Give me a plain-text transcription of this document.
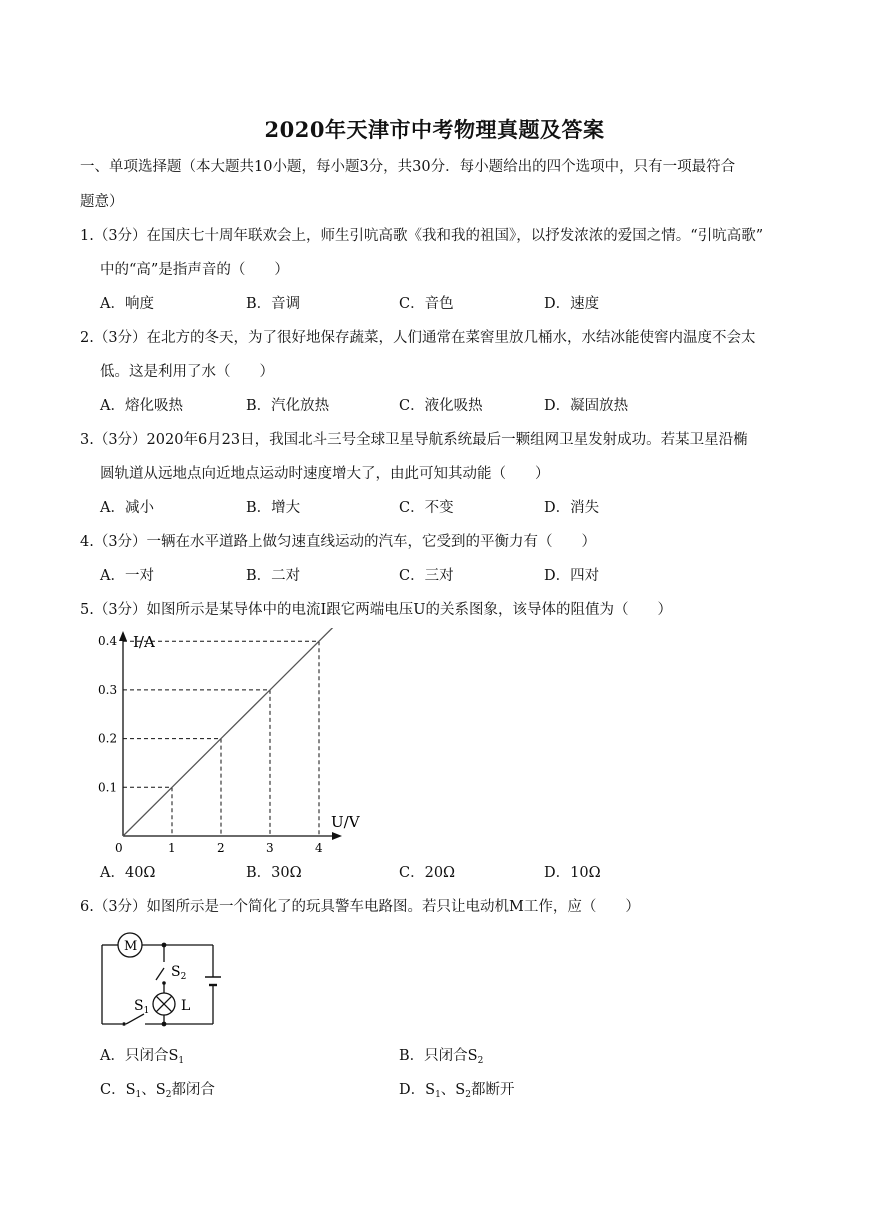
2020年天津市中考物理真题及答案
一、单项选择题（本大题共10小题，每小题3分，共30分．每小题给出的四个选项中，只有一项最符合
题意）
1.（3分）在国庆七十周年联欢会上，师生引吭高歌《我和我的祖国》，以抒发浓浓的爱国之情。“引吭高歌”
中的“高”是指声音的（　　）
A．响度	B．音调	C．音色	D．速度
2.（3分）在北方的冬天，为了很好地保存蔬菜，人们通常在菜窖里放几桶水，水结冰能使窖内温度不会太
低。这是利用了水（　　）
A．熔化吸热	B．汽化放热	C．液化吸热	D．凝固放热
3.（3分）2020年6月23日，我国北斗三号全球卫星导航系统最后一颗组网卫星发射成功。若某卫星沿椭
圆轨道从远地点向近地点运动时速度增大了，由此可知其动能（　　）
A．减小	B．增大	C．不变	D．消失
4.（3分）一辆在水平道路上做匀速直线运动的汽车，它受到的平衡力有（　　）
A．一对	B．二对	C．三对	D．四对
5.（3分）如图所示是某导体中的电流I跟它两端电压U的关系图象，该导体的阻值为（　　）
I/A
U/V
0	1	2	3	4
0.1
0.2
0.3
0.4
A．40Ω	B．30Ω	C．20Ω	D．10Ω
6.（3分）如图所示是一个简化了的玩具警车电路图。若只让电动机M工作，应（　　）
M
$S_2$
$S_1$ L
A．只闭合$S_1$	B．只闭合$S_2$
C．$S_1$、$S_2$都闭合	D．$S_1$、$S_2$都断开
